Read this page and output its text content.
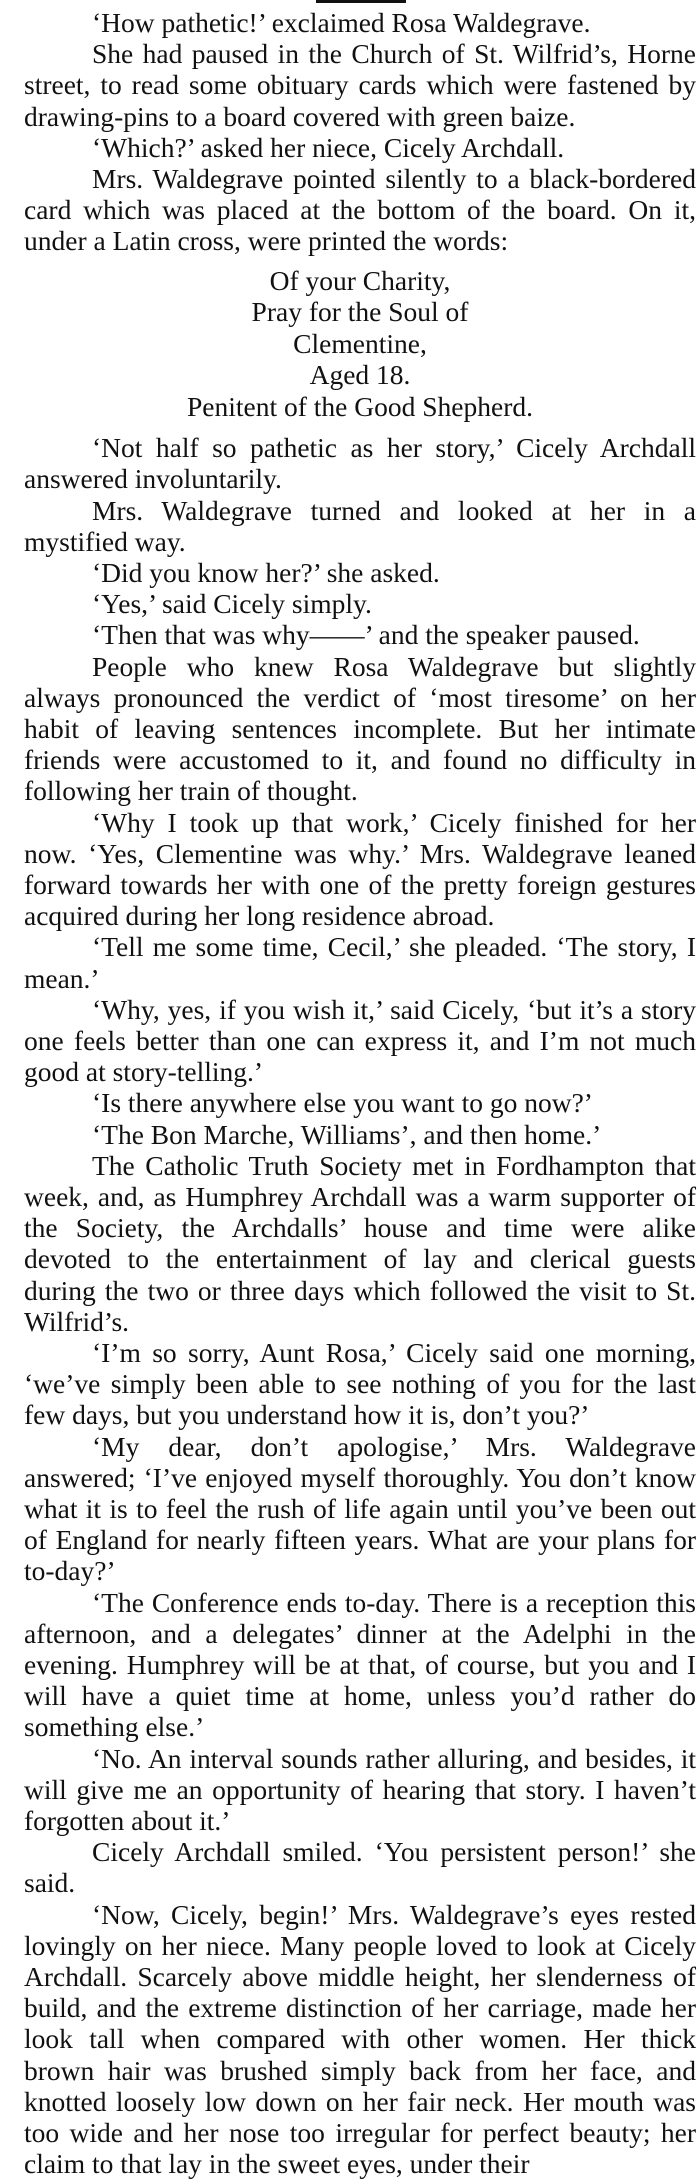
‘How pathetic!’ exclaimed Rosa Waldegrave.

She had paused in the Church of St. Wilfrid’s, Horne street, to read some obituary cards which were fastened by drawing-pins to a board covered with green baize.

‘Which?’ asked her niece, Cicely Archdall.

Mrs. Waldegrave pointed silently to a black-bordered card which was placed at the bottom of the board. On it, under a Latin cross, were printed the words:

Of your Charity,
Pray for the Soul of
Clementine,
Aged 18.
Penitent of the Good Shepherd.

‘Not half so pathetic as her story,’ Cicely Archdall answered involuntarily.

Mrs. Waldegrave turned and looked at her in a mystified way.

‘Did you know her?’ she asked.

‘Yes,’ said Cicely simply.

‘Then that was why——’ and the speaker paused.

People who knew Rosa Waldegrave but slightly always pronounced the verdict of ‘most tiresome’ on her habit of leaving sentences incomplete. But her intimate friends were accustomed to it, and found no difficulty in following her train of thought.

‘Why I took up that work,’ Cicely finished for her now. ‘Yes, Clementine was why.’ Mrs. Waldegrave leaned forward towards her with one of the pretty foreign gestures acquired during her long residence abroad.

‘Tell me some time, Cecil,’ she pleaded. ‘The story, I mean.’

‘Why, yes, if you wish it,’ said Cicely, ‘but it’s a story one feels better than one can express it, and I’m not much good at story-telling.’

‘Is there anywhere else you want to go now?’

‘The Bon Marche, Williams’, and then home.’

The Catholic Truth Society met in Fordhampton that week, and, as Humphrey Archdall was a warm supporter of the Society, the Archdalls’ house and time were alike devoted to the entertainment of lay and clerical guests during the two or three days which followed the visit to St. Wilfrid’s.

‘I’m so sorry, Aunt Rosa,’ Cicely said one morning, ‘we’ve simply been able to see nothing of you for the last few days, but you understand how it is, don’t you?’

‘My dear, don’t apologise,’ Mrs. Waldegrave answered; ‘I’ve enjoyed myself thoroughly. You don’t know what it is to feel the rush of life again until you’ve been out of England for nearly fifteen years. What are your plans for to-day?’

‘The Conference ends to-day. There is a reception this afternoon, and a delegates’ dinner at the Adelphi in the evening. Humphrey will be at that, of course, but you and I will have a quiet time at home, unless you’d rather do something else.’

‘No. An interval sounds rather alluring, and besides, it will give me an opportunity of hearing that story. I haven’t forgotten about it.’

Cicely Archdall smiled. ‘You persistent person!’ she said.

‘Now, Cicely, begin!’ Mrs. Waldegrave’s eyes rested lovingly on her niece. Many people loved to look at Cicely Archdall. Scarcely above middle height, her slenderness of build, and the extreme distinction of her carriage, made her look tall when compared with other women. Her thick brown hair was brushed simply back from her face, and knotted loosely low down on her fair neck. Her mouth was too wide and her nose too irregular for perfect beauty; her claim to that lay in the sweet eyes, under their
